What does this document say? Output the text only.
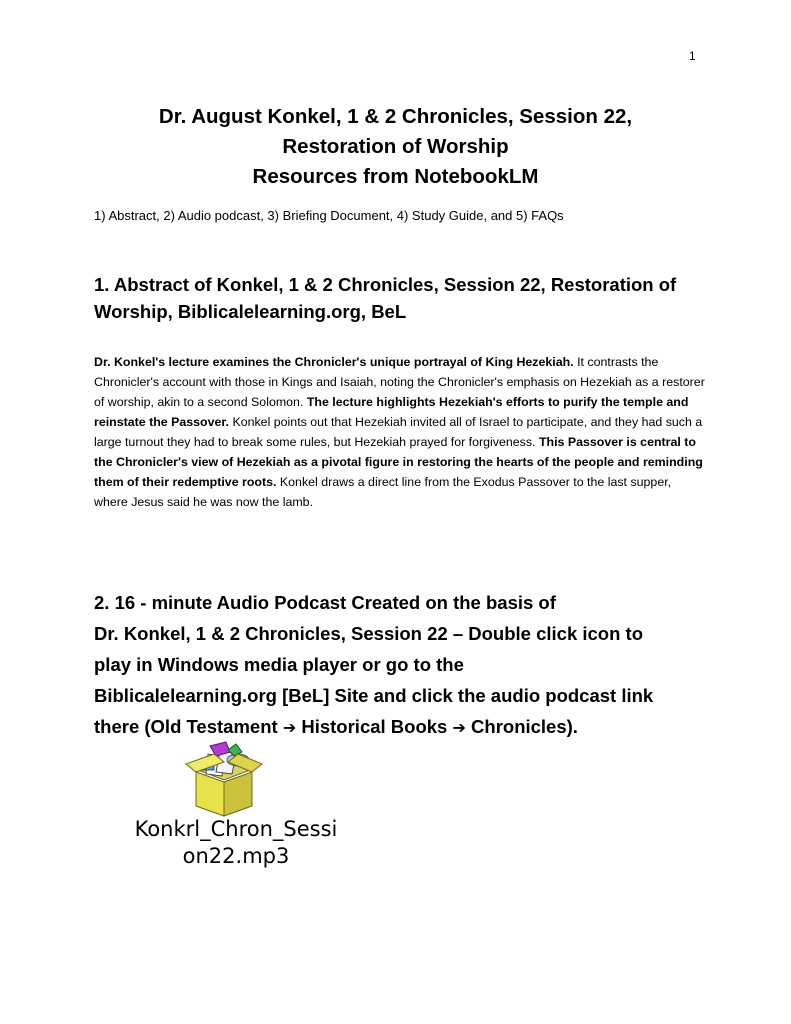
1
Dr. August Konkel, 1 & 2 Chronicles, Session 22,
Restoration of Worship
Resources from NotebookLM
1) Abstract, 2) Audio podcast, 3) Briefing Document, 4) Study Guide, and 5) FAQs
1. Abstract of Konkel, 1 & 2 Chronicles, Session 22, Restoration of Worship, Biblicalelearning.org, BeL
Dr. Konkel's lecture examines the Chronicler's unique portrayal of King Hezekiah. It contrasts the Chronicler's account with those in Kings and Isaiah, noting the Chronicler's emphasis on Hezekiah as a restorer of worship, akin to a second Solomon. The lecture highlights Hezekiah's efforts to purify the temple and reinstate the Passover. Konkel points out that Hezekiah invited all of Israel to participate, and they had such a large turnout they had to break some rules, but Hezekiah prayed for forgiveness. This Passover is central to the Chronicler's view of Hezekiah as a pivotal figure in restoring the hearts of the people and reminding them of their redemptive roots. Konkel draws a direct line from the Exodus Passover to the last supper, where Jesus said he was now the lamb.
2. 16 - minute Audio Podcast Created on the basis of
Dr. Konkel, 1 & 2 Chronicles, Session 22 – Double click icon to
play in Windows media player or go to the
Biblicalelearning.org [BeL] Site and click the audio podcast link
there (Old Testament ➔ Historical Books ➔ Chronicles).
Konkrl_Chron_Sessi
on22.mp3
